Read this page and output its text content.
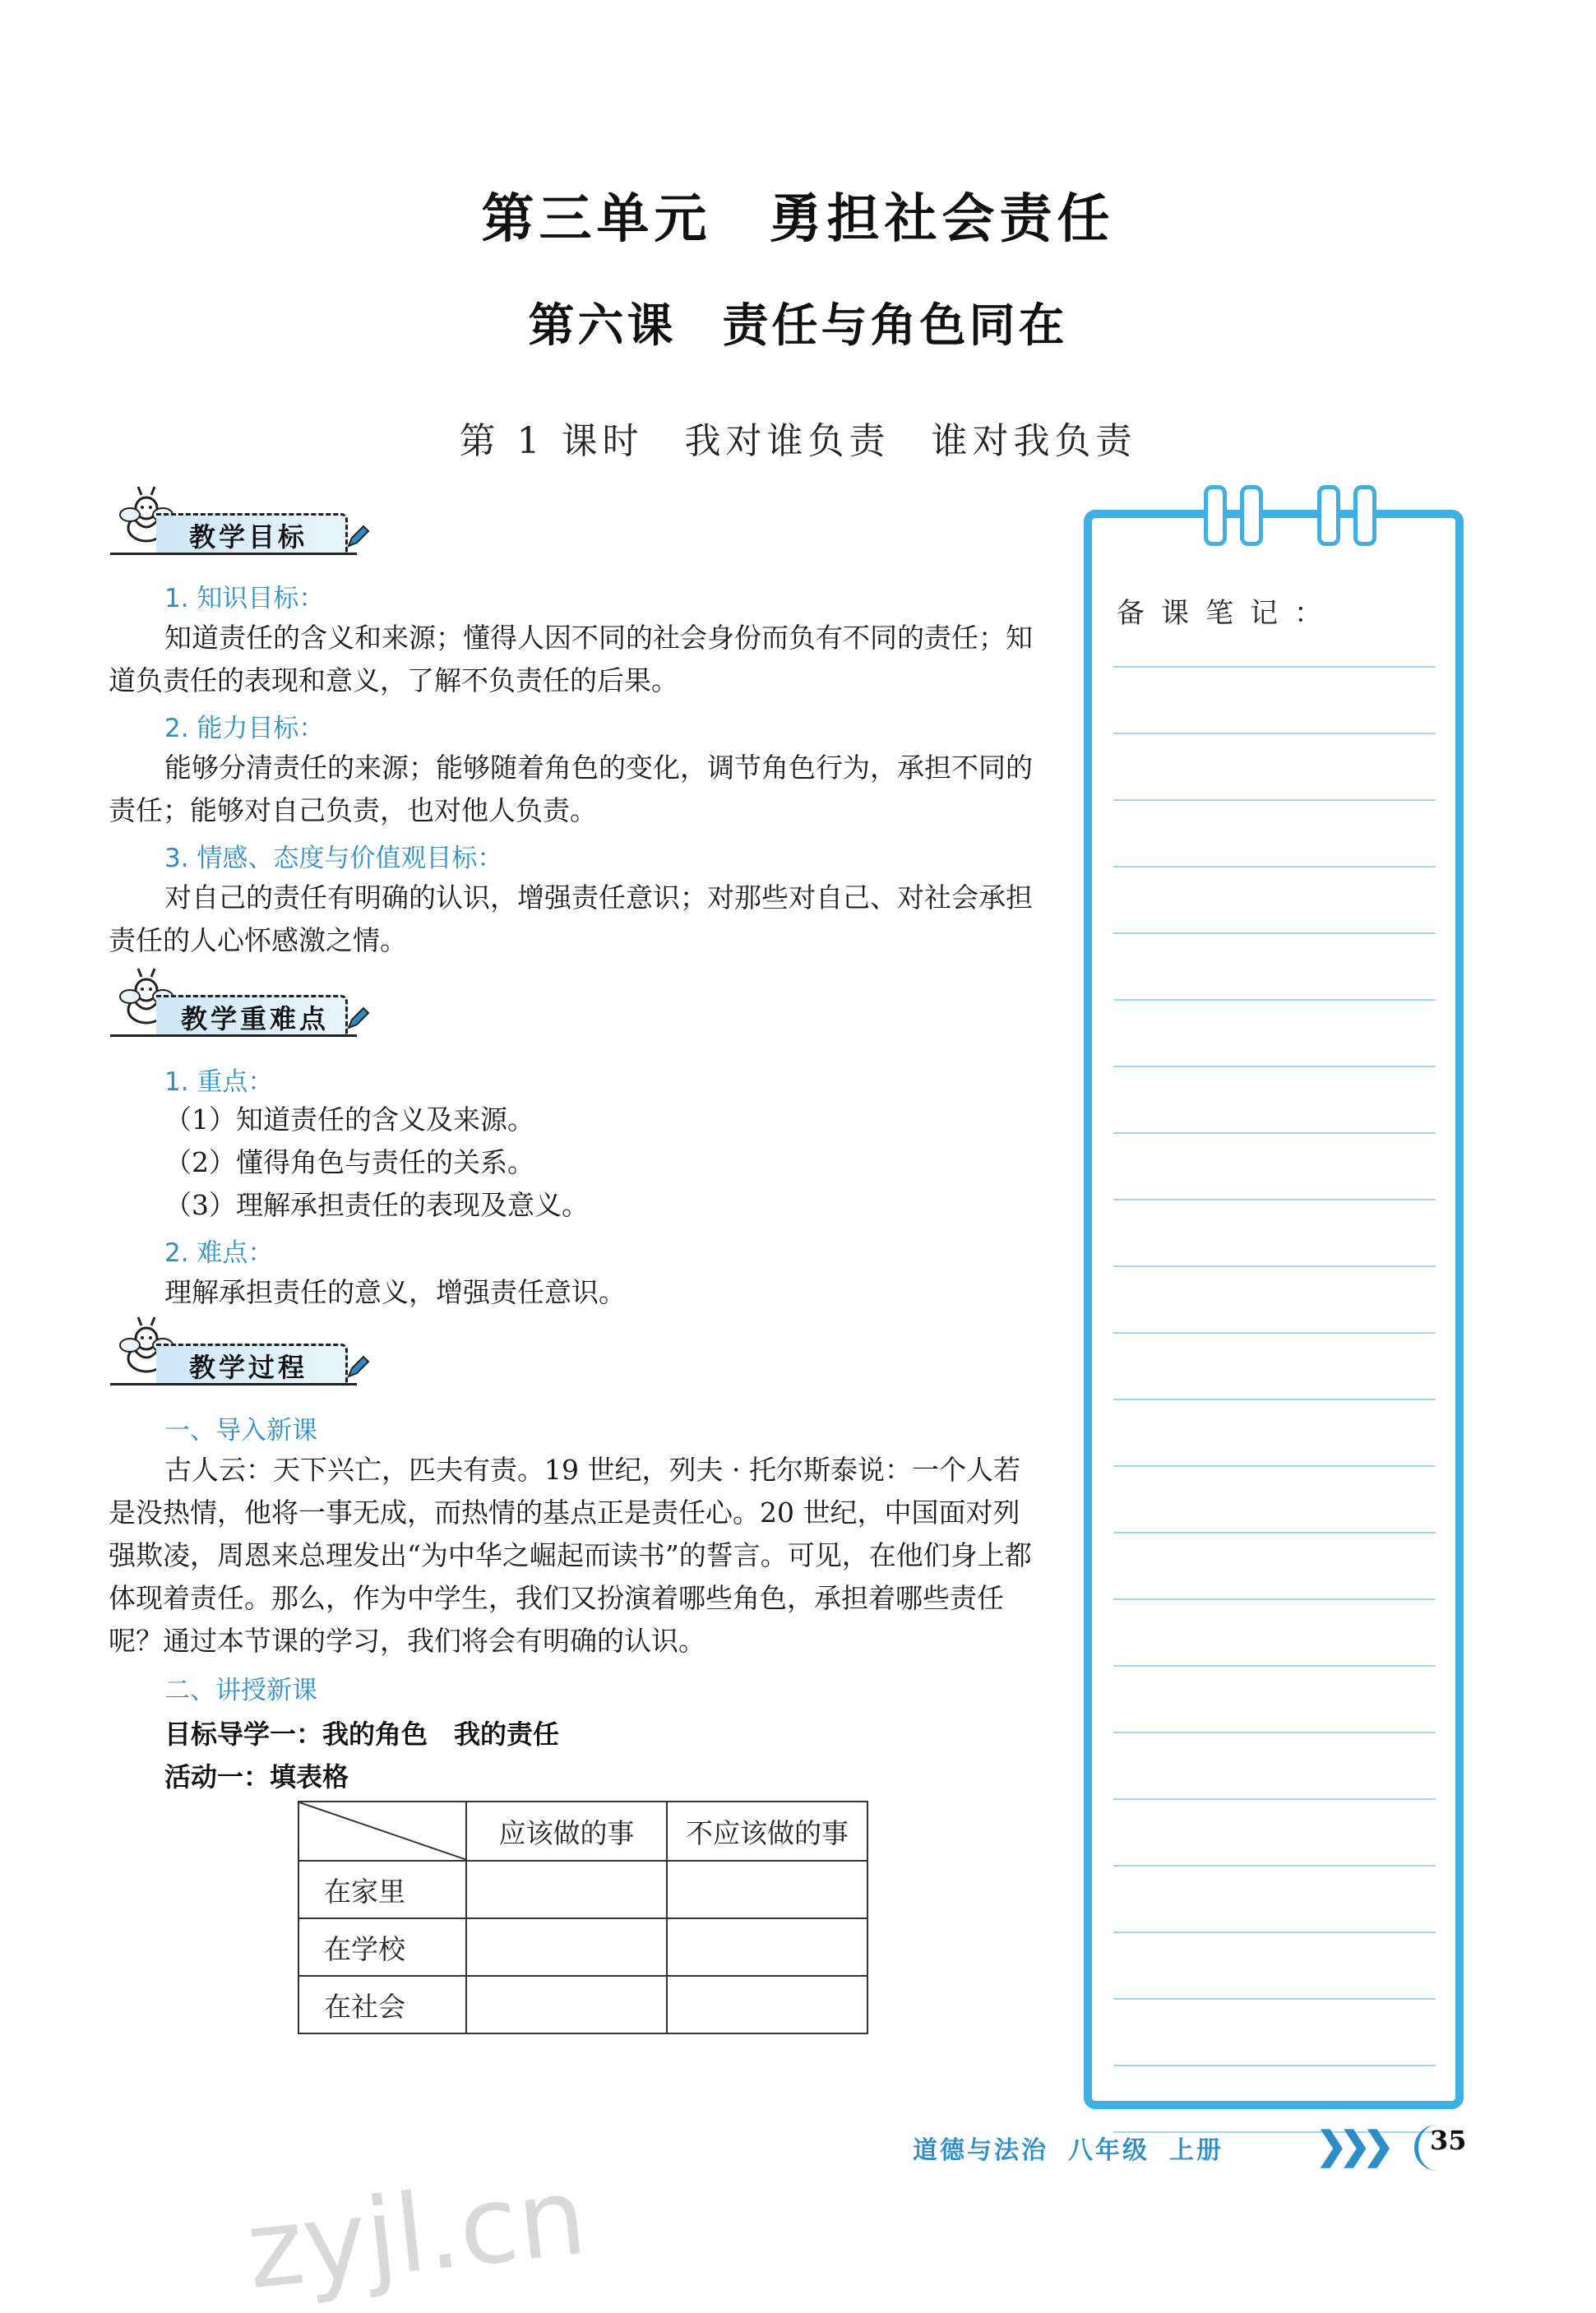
第三单元 勇担社会责任
第六课 责任与角色同在
第 1 课时 我对谁负责 谁对我负责
教学目标
1. 知识目标：
知道责任的含义和来源；懂得人因不同的社会身份而负有不同的责任；知道负责任的表现和意义，了解不负责任的后果。
2. 能力目标：
能够分清责任的来源；能够随着角色的变化，调节角色行为，承担不同的责任；能够对自己负责，也对他人负责。
3. 情感、态度与价值观目标：
对自己的责任有明确的认识，增强责任意识；对那些对自己、对社会承担责任的人心怀感激之情。
教学重难点
1. 重点：
（1）知道责任的含义及来源。
（2）懂得角色与责任的关系。
（3）理解承担责任的表现及意义。
2. 难点：
理解承担责任的意义，增强责任意识。
教学过程
一、导入新课
古人云：天下兴亡，匹夫有责。19 世纪，列夫 · 托尔斯泰说：一个人若是没热情，他将一事无成，而热情的基点正是责任心。20 世纪，中国面对列强欺凌，周恩来总理发出“为中华之崛起而读书”的誓言。可见，在他们身上都体现着责任。那么，作为中学生，我们又扮演着哪些角色，承担着哪些责任呢？通过本节课的学习，我们将会有明确的认识。
二、讲授新课
目标导学一：我的角色　我的责任
活动一：填表格
	应该做的事	不应该做的事
在家里		
在学校		
在社会		
备课笔记：
道德与法治 八年级 上册 ❯❯❯	35
zyjl.cn
